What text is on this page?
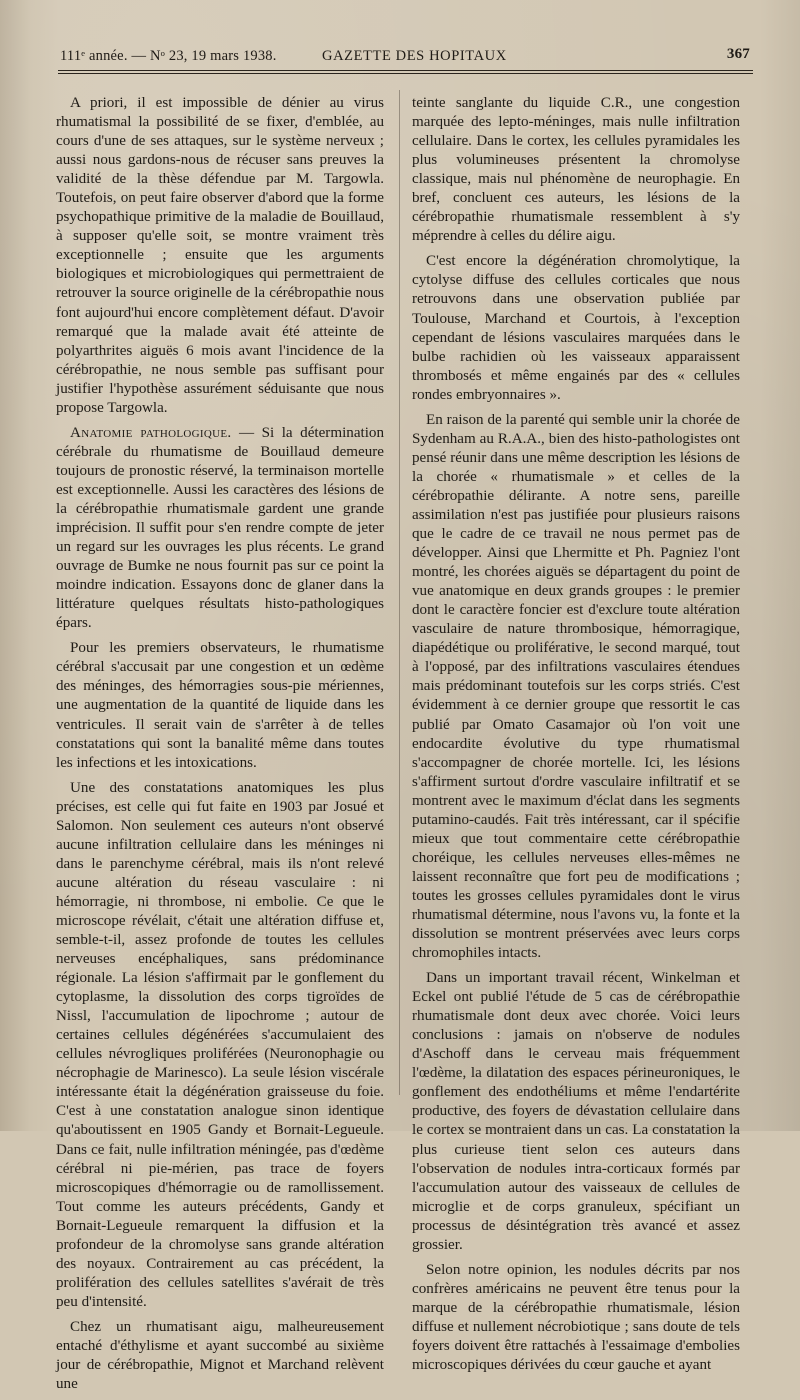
111ᵉ année. — Nᵒ 23, 19 mars 1938.	GAZETTE DES HOPITAUX	367

A priori, il est impossible de dénier au virus rhumatismal la possibilité de se fixer, d'emblée, au cours d'une de ses attaques, sur le système nerveux ; aussi nous gardons-nous de récuser sans preuves la validité de la thèse défendue par M. Targowla. Toutefois, on peut faire observer d'abord que la forme psychopathique primitive de la maladie de Bouillaud, à supposer qu'elle soit, se montre vraiment très exceptionnelle ; ensuite que les arguments biologiques et microbiologiques qui permettraient de retrouver la source originelle de la cérébropathie nous font aujourd'hui encore complètement défaut. D'avoir remarqué que la malade avait été atteinte de polyarthrites aiguës 6 mois avant l'incidence de la cérébropathie, ne nous semble pas suffisant pour justifier l'hypothèse assurément séduisante que nous propose Targowla.

Anatomie pathologique. — Si la détermination cérébrale du rhumatisme de Bouillaud demeure toujours de pronostic réservé, la terminaison mortelle est exceptionnelle. Aussi les caractères des lésions de la cérébropathie rhumatismale gardent une grande imprécision. Il suffit pour s'en rendre compte de jeter un regard sur les ouvrages les plus récents. Le grand ouvrage de Bumke ne nous fournit pas sur ce point la moindre indication. Essayons donc de glaner dans la littérature quelques résultats histo-pathologiques épars.

Pour les premiers observateurs, le rhumatisme cérébral s'accusait par une congestion et un œdème des méninges, des hémorragies sous-pie mériennes, une augmentation de la quantité de liquide dans les ventricules. Il serait vain de s'arrêter à de telles constatations qui sont la banalité même dans toutes les infections et les intoxications.

Une des constatations anatomiques les plus précises, est celle qui fut faite en 1903 par Josué et Salomon. Non seulement ces auteurs n'ont observé aucune infiltration cellulaire dans les méninges ni dans le parenchyme cérébral, mais ils n'ont relevé aucune altération du réseau vasculaire : ni hémorragie, ni thrombose, ni embolie. Ce que le microscope révélait, c'était une altération diffuse et, semble-t-il, assez profonde de toutes les cellules nerveuses encéphaliques, sans prédominance régionale. La lésion s'affirmait par le gonflement du cytoplasme, la dissolution des corps tigroïdes de Nissl, l'accumulation de lipochrome ; autour de certaines cellules dégénérées s'accumulaient des cellules névrogliques proliférées (Neuronophagie ou nécrophagie de Marinesco). La seule lésion viscérale intéressante était la dégénération graisseuse du foie. C'est à une constatation analogue sinon identique qu'aboutissent en 1905 Gandy et Bornait-Legueule. Dans ce fait, nulle infiltration méningée, pas d'œdème cérébral ni pie-mérien, pas trace de foyers microscopiques d'hémorragie ou de ramollissement. Tout comme les auteurs précédents, Gandy et Bornait-Legueule remarquent la diffusion et la profondeur de la chromolyse sans grande altération des noyaux. Contrairement au cas précédent, la prolifération des cellules satellites s'avérait de très peu d'intensité.

Chez un rhumatisant aigu, malheureusement entaché d'éthylisme et ayant succombé au sixième jour de cérébropathie, Mignot et Marchand relèvent une

teinte sanglante du liquide C.R., une congestion marquée des lepto-méninges, mais nulle infiltration cellulaire. Dans le cortex, les cellules pyramidales les plus volumineuses présentent la chromolyse classique, mais nul phénomène de neurophagie. En bref, concluent ces auteurs, les lésions de la cérébropathie rhumatismale ressemblent à s'y méprendre à celles du délire aigu.

C'est encore la dégénération chromolytique, la cytolyse diffuse des cellules corticales que nous retrouvons dans une observation publiée par Toulouse, Marchand et Courtois, à l'exception cependant de lésions vasculaires marquées dans le bulbe rachidien où les vaisseaux apparaissent thrombosés et même engainés par des « cellules rondes embryonnaires ».

En raison de la parenté qui semble unir la chorée de Sydenham au R.A.A., bien des histo-pathologistes ont pensé réunir dans une même description les lésions de la chorée « rhumatismale » et celles de la cérébropathie délirante. A notre sens, pareille assimilation n'est pas justifiée pour plusieurs raisons que le cadre de ce travail ne nous permet pas de développer. Ainsi que Lhermitte et Ph. Pagniez l'ont montré, les chorées aiguës se départagent du point de vue anatomique en deux grands groupes : le premier dont le caractère foncier est d'exclure toute altération vasculaire de nature thrombosique, hémorragique, diapédétique ou proliférative, le second marqué, tout à l'opposé, par des infiltrations vasculaires étendues mais prédominant toutefois sur les corps striés. C'est évidemment à ce dernier groupe que ressortit le cas publié par Omato Casamajor où l'on voit une endocardite évolutive du type rhumatismal s'accompagner de chorée mortelle. Ici, les lésions s'affirment surtout d'ordre vasculaire infiltratif et se montrent avec le maximum d'éclat dans les segments putamino-caudés. Fait très intéressant, car il spécifie mieux que tout commentaire cette cérébropathie choréique, les cellules nerveuses elles-mêmes ne laissent reconnaître que fort peu de modifications ; toutes les grosses cellules pyramidales dont le virus rhumatismal détermine, nous l'avons vu, la fonte et la dissolution se montrent préservées avec leurs corps chromophiles intacts.

Dans un important travail récent, Winkelman et Eckel ont publié l'étude de 5 cas de cérébropathie rhumatismale dont deux avec chorée. Voici leurs conclusions : jamais on n'observe de nodules d'Aschoff dans le cerveau mais fréquemment l'œdème, la dilatation des espaces périneuroniques, le gonflement des endothéliums et même l'endartérite productive, des foyers de dévastation cellulaire dans le cortex se montraient dans un cas. La constatation la plus curieuse tient selon ces auteurs dans l'observation de nodules intra-corticaux formés par l'accumulation autour des vaisseaux de cellules de microglie et de corps granuleux, spécifiant un processus de désintégration très avancé et assez grossier.

Selon notre opinion, les nodules décrits par nos confrères américains ne peuvent être tenus pour la marque de la cérébropathie rhumatismale, lésion diffuse et nullement nécrobiotique ; sans doute de tels foyers doivent être rattachés à l'essaimage d'embolies microscopiques dérivées du cœur gauche et ayant
